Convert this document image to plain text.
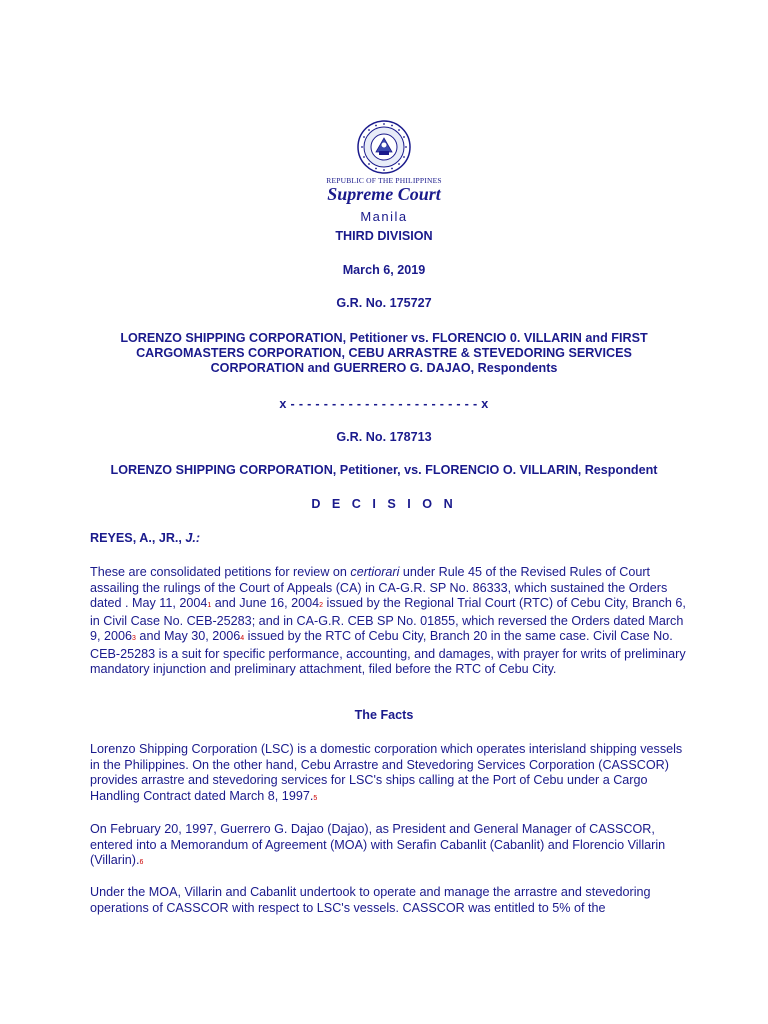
REPUBLIC OF THE PHILIPPINES
Supreme Court
Manila
THIRD DIVISION
March 6, 2019
G.R. No. 175727
LORENZO SHIPPING CORPORATION, Petitioner vs. FLORENCIO 0. VILLARIN and FIRST CARGOMASTERS CORPORATION, CEBU ARRASTRE & STEVEDORING SERVICES CORPORATION and GUERRERO G. DAJAO, Respondents
x - - - - - - - - - - - - - - - - - - - - - - - x
G.R. No. 178713
LORENZO SHIPPING CORPORATION, Petitioner, vs. FLORENCIO O. VILLARIN, Respondent
D E C I S I O N
REYES, A., JR., J.:
These are consolidated petitions for review on certiorari under Rule 45 of the Revised Rules of Court assailing the rulings of the Court of Appeals (CA) in CA-G.R. SP No. 86333, which sustained the Orders dated . May 11, 20041 and June 16, 20042 issued by the Regional Trial Court (RTC) of Cebu City, Branch 6, in Civil Case No. CEB-25283; and in CA-G.R. CEB SP No. 01855, which reversed the Orders dated March 9, 20063 and May 30, 20064 issued by the RTC of Cebu City, Branch 20 in the same case. Civil Case No. CEB-25283 is a suit for specific performance, accounting, and damages, with prayer for writs of preliminary mandatory injunction and preliminary attachment, filed before the RTC of Cebu City.
The Facts
Lorenzo Shipping Corporation (LSC) is a domestic corporation which operates interisland shipping vessels in the Philippines. On the other hand, Cebu Arrastre and Stevedoring Services Corporation (CASSCOR) provides arrastre and stevedoring services for LSC's ships calling at the Port of Cebu under a Cargo Handling Contract dated March 8, 1997.5
On February 20, 1997, Guerrero G. Dajao (Dajao), as President and General Manager of CASSCOR, entered into a Memorandum of Agreement (MOA) with Serafin Cabanlit (Cabanlit) and Florencio Villarin (Villarin).6
Under the MOA, Villarin and Cabanlit undertook to operate and manage the arrastre and stevedoring operations of CASSCOR with respect to LSC's vessels. CASSCOR was entitled to 5% of the
